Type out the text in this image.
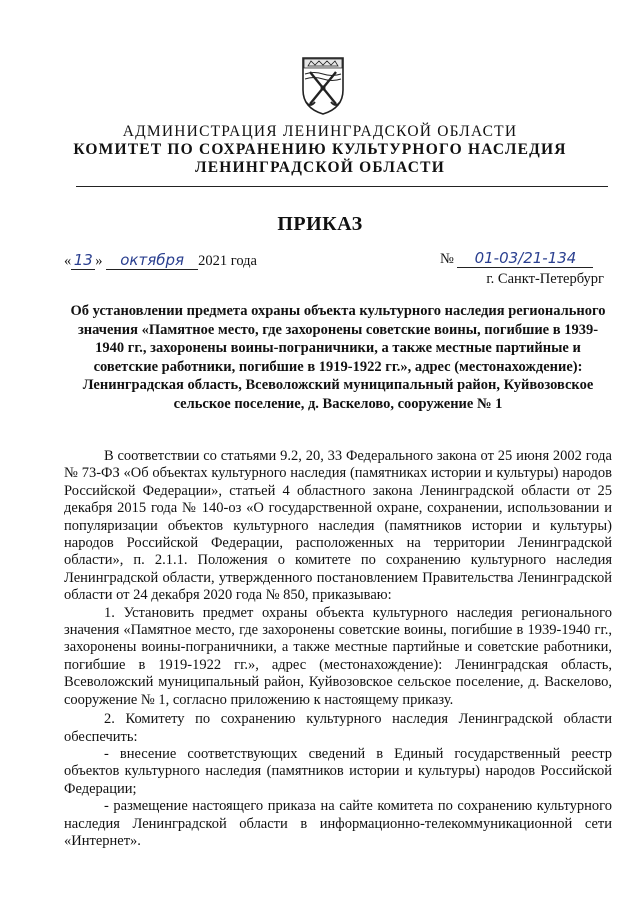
АДМИНИСТРАЦИЯ ЛЕНИНГРАДСКОЙ ОБЛАСТИ
КОМИТЕТ ПО СОХРАНЕНИЮ КУЛЬТУРНОГО НАСЛЕДИЯ
ЛЕНИНГРАДСКОЙ ОБЛАСТИ
ПРИКАЗ
« 13 » октября 2021 года	№ 01-03/21-134
г. Санкт-Петербург
Об установлении предмета охраны объекта культурного наследия регионального значения «Памятное место, где захоронены советские воины, погибшие в 1939-1940 гг., захоронены воины-пограничники, а также местные партийные и советские работники, погибшие в 1919-1922 гг.», адрес (местонахождение): Ленинградская область, Всеволожский муниципальный район, Куйвозовское сельское поселение, д. Васкелово, сооружение № 1

В соответствии со статьями 9.2, 20, 33 Федерального закона от 25 июня 2002 года № 73-ФЗ «Об объектах культурного наследия (памятниках истории и культуры) народов Российской Федерации», статьей 4 областного закона Ленинградской области от 25 декабря 2015 года № 140-оз «О государственной охране, сохранении, использовании и популяризации объектов культурного наследия (памятников истории и культуры) народов Российской Федерации, расположенных на территории Ленинградской области», п. 2.1.1. Положения о комитете по сохранению культурного наследия Ленинградской области, утвержденного постановлением Правительства Ленинградской области от 24 декабря 2020 года № 850, приказываю:

1. Установить предмет охраны объекта культурного наследия регионального значения «Памятное место, где захоронены советские воины, погибшие в 1939-1940 гг., захоронены воины-пограничники, а также местные партийные и советские работники, погибшие в 1919-1922 гг.», адрес (местонахождение): Ленинградская область, Всеволожский муниципальный район, Куйвозовское сельское поселение, д. Васкелово, сооружение № 1, согласно приложению к настоящему приказу.

2. Комитету по сохранению культурного наследия Ленинградской области обеспечить:

- внесение соответствующих сведений в Единый государственный реестр объектов культурного наследия (памятников истории и культуры) народов Российской Федерации;

- размещение настоящего приказа на сайте комитета по сохранению культурного наследия Ленинградской области в информационно-телекоммуникационной сети «Интернет».
